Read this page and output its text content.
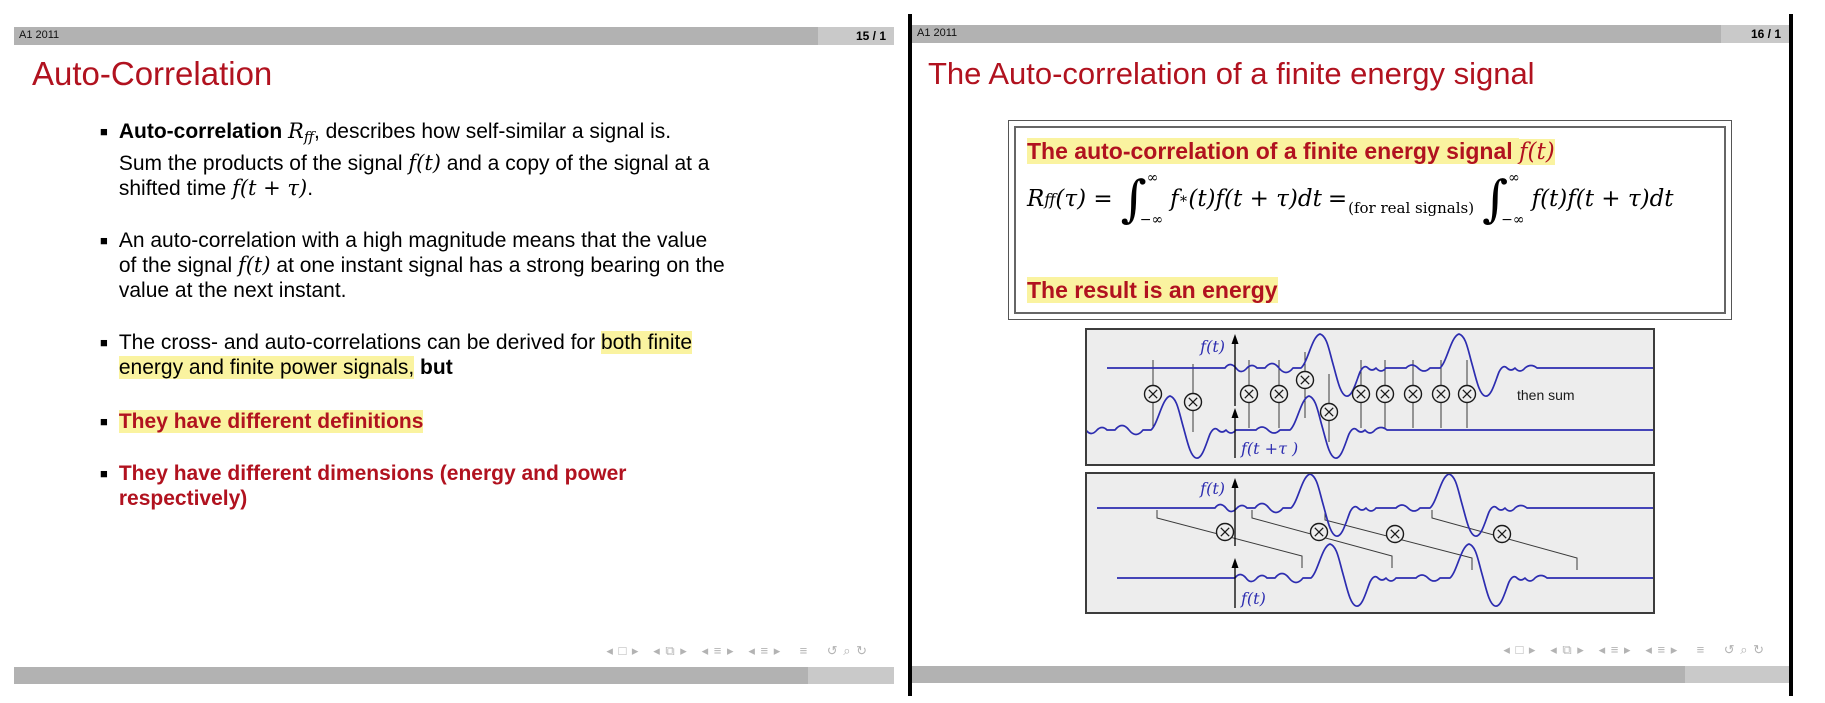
A1 2011	15 / 1
Auto-Correlation
■ Auto-correlation Rff, describes how self-similar a signal is.
Sum the products of the signal f(t) and a copy of the signal at a
shifted time f(t + τ).
■ An auto-correlation with a high magnitude means that the value
of the signal f(t) at one instant signal has a strong bearing on the
value at the next instant.
■ The cross- and auto-correlations can be derived for both finite
energy and finite power signals, but
■ They have different definitions
■ They have different dimensions (energy and power
respectively)
◂ □ ▸   ◂ ⧉ ▸   ◂ ≡ ▸   ◂ ≡ ▸    ≡    ↺ ⌕ ↻
A1 2011	16 / 1
The Auto-correlation of a finite energy signal
The auto-correlation of a finite energy signal f(t)
R ff (τ) = ∫ ∞
−∞
f ∗ (t)f(t + τ)dt = (for real signals) ∫ ∞
−∞
f(t)f(t + τ)dt
The result is an energy
f(t)
f(t +τ )
then sum
f(t)
f(t)
◂ □ ▸   ◂ ⧉ ▸   ◂ ≡ ▸   ◂ ≡ ▸    ≡    ↺ ⌕ ↻
